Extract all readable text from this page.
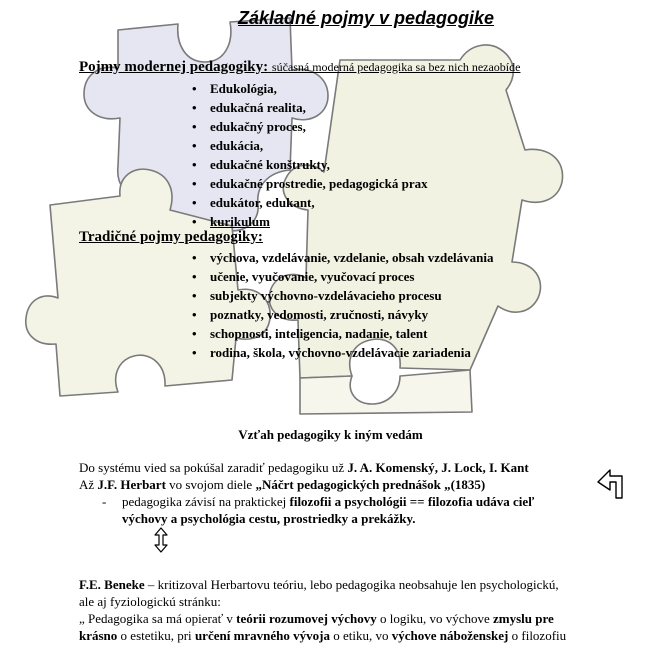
Základné pojmy v pedagogike
Pojmy modernej pedagogiky: súčasná moderná pedagogika sa bez nich nezaobíde
• Edukológia,
• edukačná realita,
• edukačný proces,
• edukácia,
• edukačné konštrukty,
• edukačné prostredie, pedagogická prax
• edukátor, edukant,
• kurikulum
Tradičné pojmy pedagogiky:
• výchova, vzdelávanie, vzdelanie, obsah vzdelávania
• učenie, vyučovanie, vyučovací proces
• subjekty výchovno-vzdelávacieho procesu
• poznatky, vedomosti, zručnosti, návyky
• schopnosti, inteligencia, nadanie, talent
• rodina, škola, výchovno-vzdelávacie zariadenia
Vzťah pedagogiky k iným vedám
Do systému vied sa pokúšal zaradiť pedagogiku už J. A. Komenský, J. Lock, I. Kant
Až J.F. Herbart vo svojom diele „Náčrt pedagogických prednášok „(1835)
- pedagogika závisí na praktickej filozofii a psychológii == filozofia udáva cieľ
výchovy a psychológia cestu, prostriedky a prekážky.
F.E. Beneke – kritizoval Herbartovu teóriu, lebo pedagogika neobsahuje len psychologickú,
ale aj fyziologickú stránku:
„ Pedagogika sa má opierať v teórii rozumovej výchovy o logiku, vo výchove zmyslu pre
krásno o estetiku, pri určení mravného vývoja o etiku, vo výchove náboženskej o filozofiu
